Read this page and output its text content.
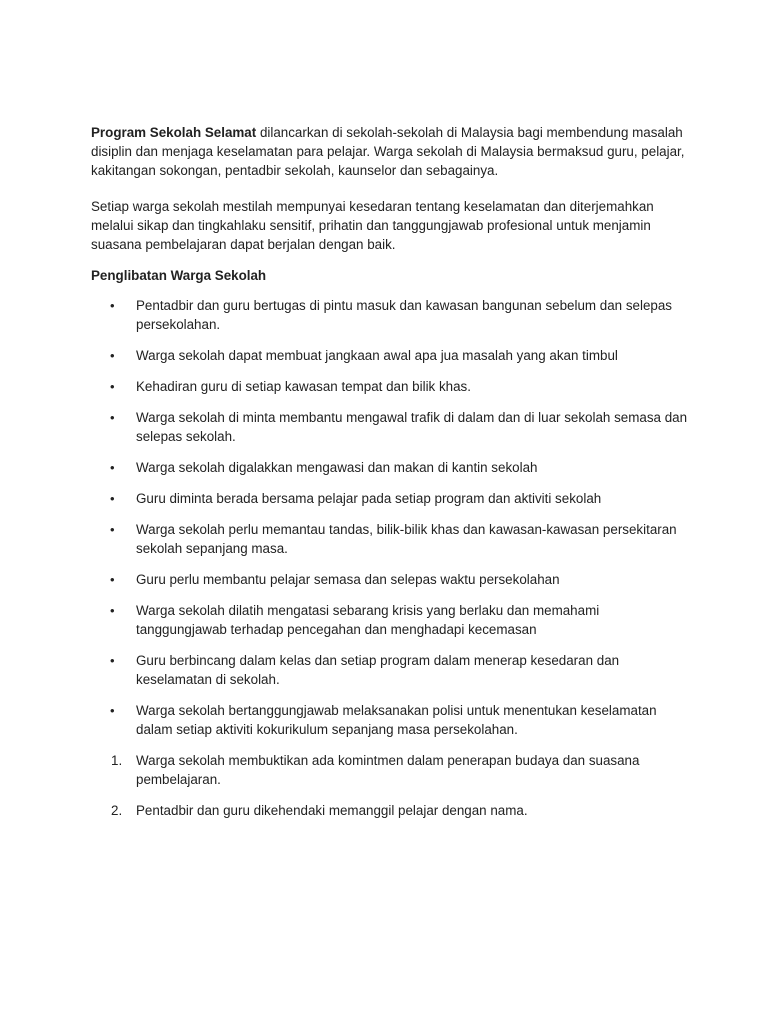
Program Sekolah Selamat dilancarkan di sekolah-sekolah di Malaysia bagi membendung masalah disiplin dan menjaga keselamatan para pelajar. Warga sekolah di Malaysia bermaksud guru, pelajar, kakitangan sokongan, pentadbir sekolah, kaunselor dan sebagainya.

Setiap warga sekolah mestilah mempunyai kesedaran tentang keselamatan dan diterjemahkan melalui sikap dan tingkahlaku sensitif, prihatin dan tanggungjawab profesional untuk menjamin suasana pembelajaran dapat berjalan dengan baik.

Penglibatan Warga Sekolah

• Pentadbir dan guru bertugas di pintu masuk dan kawasan bangunan sebelum dan selepas persekolahan.
• Warga sekolah dapat membuat jangkaan awal apa jua masalah yang akan timbul
• Kehadiran guru di setiap kawasan tempat dan bilik khas.
• Warga sekolah di minta membantu mengawal trafik di dalam dan di luar sekolah semasa dan selepas sekolah.
• Warga sekolah digalakkan mengawasi dan makan di kantin sekolah
• Guru diminta berada bersama pelajar pada setiap program dan aktiviti sekolah
• Warga sekolah perlu memantau tandas, bilik-bilik khas dan kawasan-kawasan persekitaran sekolah sepanjang masa.
• Guru perlu membantu pelajar semasa dan selepas waktu persekolahan
• Warga sekolah dilatih mengatasi sebarang krisis yang berlaku dan memahami tanggungjawab terhadap pencegahan dan menghadapi kecemasan
• Guru berbincang dalam kelas dan setiap program dalam menerap kesedaran dan keselamatan di sekolah.
• Warga sekolah bertanggungjawab melaksanakan polisi untuk menentukan keselamatan dalam setiap aktiviti kokurikulum sepanjang masa persekolahan.
1. Warga sekolah membuktikan ada komintmen dalam penerapan budaya dan suasana pembelajaran.
2. Pentadbir dan guru dikehendaki memanggil pelajar dengan nama.
